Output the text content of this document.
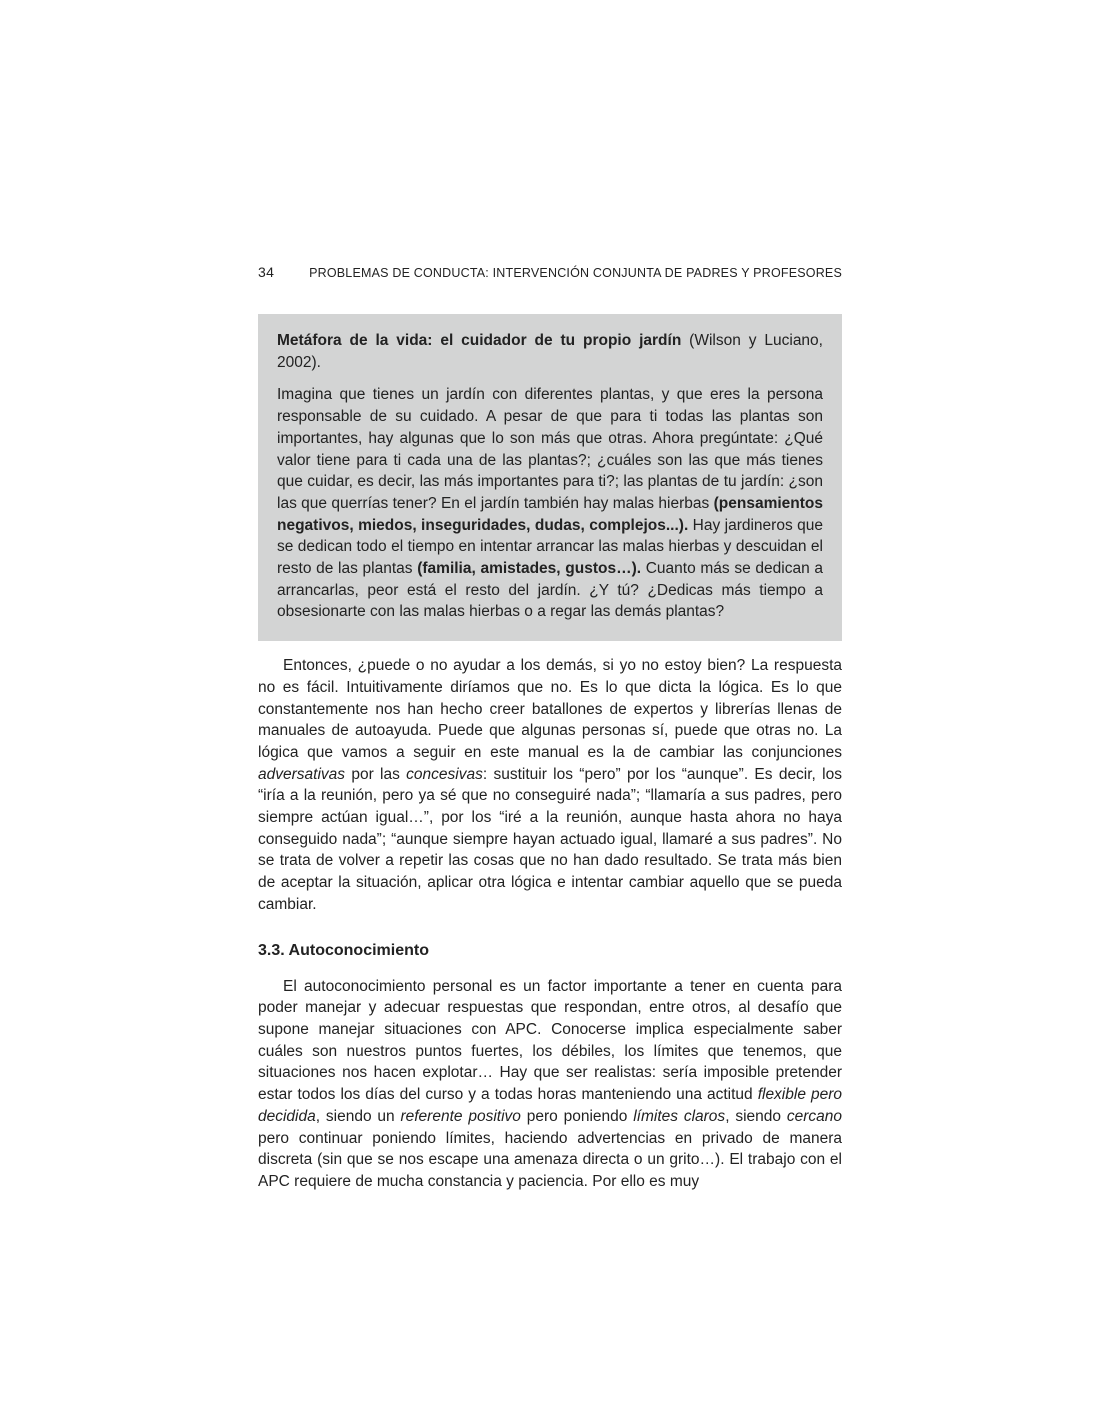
34	PROBLEMAS DE CONDUCTA: INTERVENCIÓN CONJUNTA DE PADRES Y PROFESORES

Metáfora de la vida: el cuidador de tu propio jardín (Wilson y Luciano, 2002).

Imagina que tienes un jardín con diferentes plantas, y que eres la persona responsable de su cuidado. A pesar de que para ti todas las plantas son importantes, hay algunas que lo son más que otras. Ahora pregúntate: ¿Qué valor tiene para ti cada una de las plantas?; ¿cuáles son las que más tienes que cuidar, es decir, las más importantes para ti?; las plantas de tu jardín: ¿son las que querrías tener? En el jardín también hay malas hierbas (pensamientos negativos, miedos, inseguridades, dudas, complejos...). Hay jardineros que se dedican todo el tiempo en intentar arrancar las malas hierbas y descuidan el resto de las plantas (familia, amistades, gustos…). Cuanto más se dedican a arrancarlas, peor está el resto del jardín. ¿Y tú? ¿Dedicas más tiempo a obsesionarte con las malas hierbas o a regar las demás plantas?

Entonces, ¿puede o no ayudar a los demás, si yo no estoy bien? La respuesta no es fácil. Intuitivamente diríamos que no. Es lo que dicta la lógica. Es lo que constantemente nos han hecho creer batallones de expertos y librerías llenas de manuales de autoayuda. Puede que algunas personas sí, puede que otras no. La lógica que vamos a seguir en este manual es la de cambiar las conjunciones adversativas por las concesivas: sustituir los “pero” por los “aunque”. Es decir, los “iría a la reunión, pero ya sé que no conseguiré nada”; “llamaría a sus padres, pero siempre actúan igual…”, por los “iré a la reunión, aunque hasta ahora no haya conseguido nada”; “aunque siempre hayan actuado igual, llamaré a sus padres”. No se trata de volver a repetir las cosas que no han dado resultado. Se trata más bien de aceptar la situación, aplicar otra lógica e intentar cambiar aquello que se pueda cambiar.

3.3. Autoconocimiento

El autoconocimiento personal es un factor importante a tener en cuenta para poder manejar y adecuar respuestas que respondan, entre otros, al desafío que supone manejar situaciones con APC. Conocerse implica especialmente saber cuáles son nuestros puntos fuertes, los débiles, los límites que tenemos, que situaciones nos hacen explotar… Hay que ser realistas: sería imposible pretender estar todos los días del curso y a todas horas manteniendo una actitud flexible pero decidida, siendo un referente positivo pero poniendo límites claros, siendo cercano pero continuar poniendo límites, haciendo advertencias en privado de manera discreta (sin que se nos escape una amenaza directa o un grito…). El trabajo con el APC requiere de mucha constancia y paciencia. Por ello es muy
